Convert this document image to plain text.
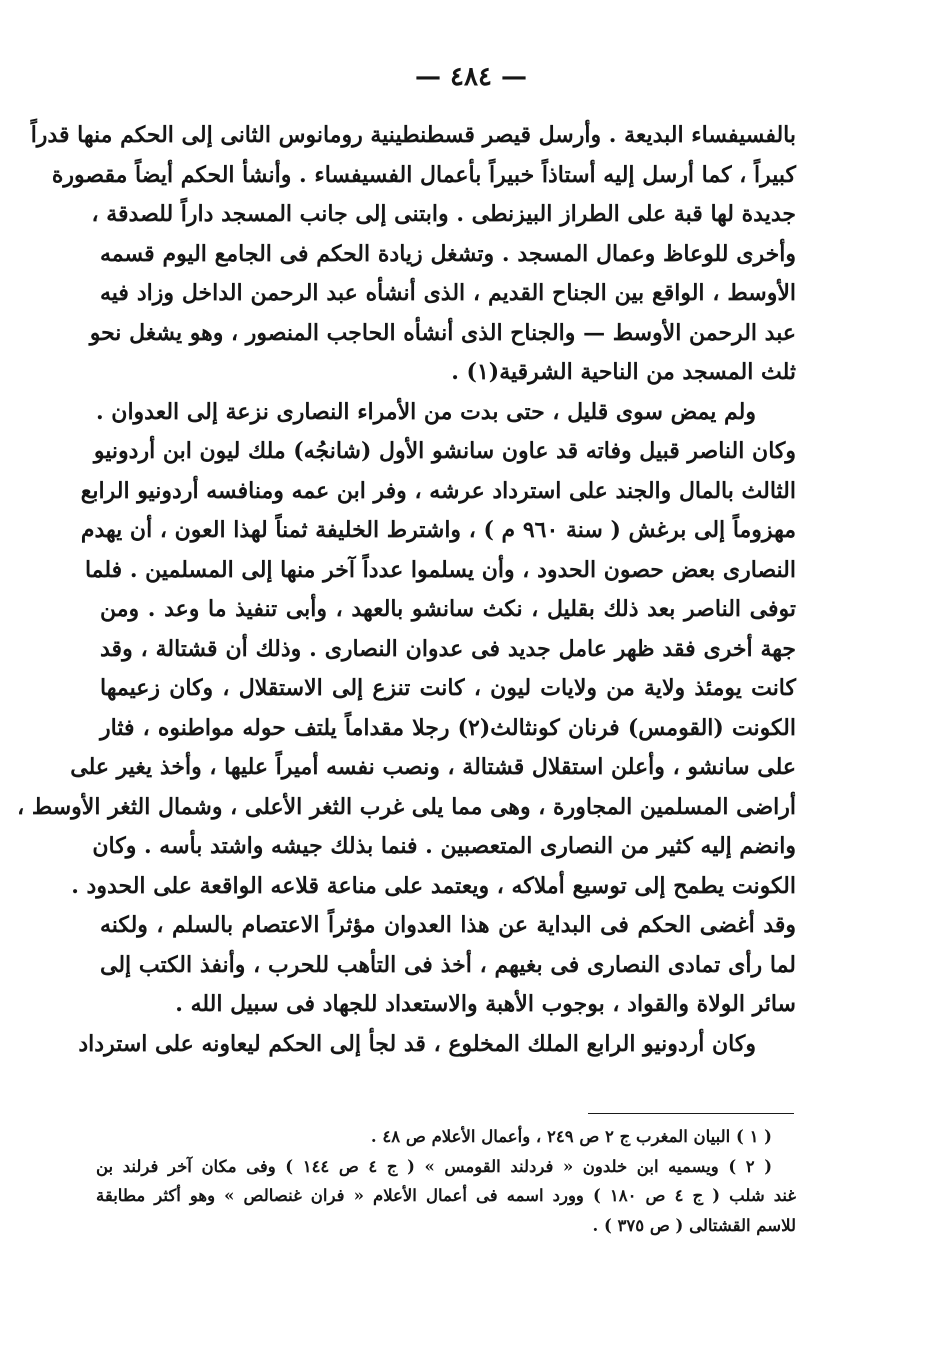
— ٤٨٤ —
بالفسيفساء البديعة . وأرسل قيصر قسطنطينية رومانوس الثانى إلى الحكم منها قدراً
كبيراً ، كما أرسل إليه أستاذاً خبيراً بأعمال الفسيفساء . وأنشأ الحكم أيضاً مقصورة
جديدة لها قبة على الطراز البيزنطى . وابتنى إلى جانب المسجد داراً للصدقة ،
وأخرى للوعاظ وعمال المسجد . وتشغل زيادة الحكم فى الجامع اليوم قسمه
الأوسط ، الواقع بين الجناح القديم ، الذى أنشأه عبد الرحمن الداخل وزاد فيه
عبد الرحمن الأوسط — والجناح الذى أنشأه الحاجب المنصور ، وهو يشغل نحو
ثلث المسجد من الناحية الشرقية(١) .
ولم يمض سوى قليل ، حتى بدت من الأمراء النصارى نزعة إلى العدوان .
وكان الناصر قبيل وفاته قد عاون سانشو الأول (شانجُه) ملك ليون ابن أردونيو
الثالث بالمال والجند على استرداد عرشه ، وفر ابن عمه ومنافسه أردونيو الرابع
مهزوماً إلى برغش ( سنة ٩٦٠ م ) ، واشترط الخليفة ثمناً لهذا العون ، أن يهدم
النصارى بعض حصون الحدود ، وأن يسلموا عدداً آخر منها إلى المسلمين . فلما
توفى الناصر بعد ذلك بقليل ، نكث سانشو بالعهد ، وأبى تنفيذ ما وعد . ومن
جهة أخرى فقد ظهر عامل جديد فى عدوان النصارى . وذلك أن قشتالة ، وقد
كانت يومئذ ولاية من ولايات ليون ، كانت تنزع إلى الاستقلال ، وكان زعيمها
الكونت (القومس) فرنان كونثالث(٢) رجلا مقداماً يلتف حوله مواطنوه ، فثار
على سانشو ، وأعلن استقلال قشتالة ، ونصب نفسه أميراً عليها ، وأخذ يغير على
أراضى المسلمين المجاورة ، وهى مما يلى غرب الثغر الأعلى ، وشمال الثغر الأوسط ،
وانضم إليه كثير من النصارى المتعصبين . فنما بذلك جيشه واشتد بأسه . وكان
الكونت يطمح إلى توسيع أملاكه ، ويعتمد على مناعة قلاعه الواقعة على الحدود .
وقد أغضى الحكم فى البداية عن هذا العدوان مؤثراً الاعتصام بالسلم ، ولكنه
لما رأى تمادى النصارى فى بغيهم ، أخذ فى التأهب للحرب ، وأنفذ الكتب إلى
سائر الولاة والقواد ، بوجوب الأهبة والاستعداد للجهاد فى سبيل الله .
وكان أردونيو الرابع الملك المخلوع ، قد لجأ إلى الحكم ليعاونه على استرداد
( ١ ) البيان المغرب ج ٢ ص ٢٤٩ ، وأعمال الأعلام ص ٤٨ .
( ٢ ) ويسميه ابن خلدون « فردلند القومس » ( ج ٤ ص ١٤٤ ) وفى مكان آخر فرلند بن
غند شلب ( ج ٤ ص ١٨٠ ) وورد اسمه فى أعمال الأعلام « فران غنصالص » وهو أكثر مطابقة
للاسم القشتالى ( ص ٣٧٥ ) .
